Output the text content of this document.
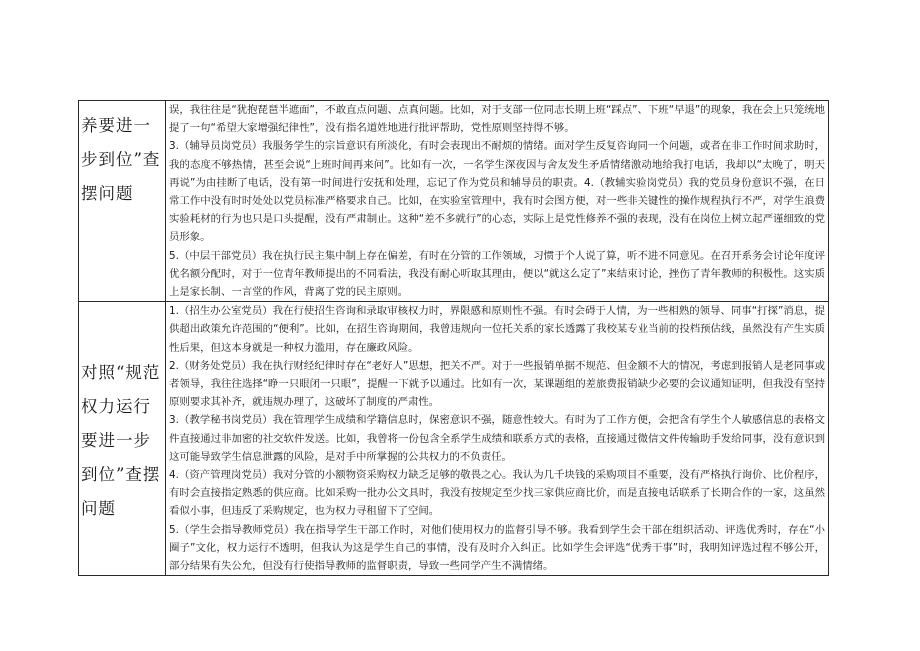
养要进一步到位”查摆问题	误，我往往是“犹抱琵琶半遮面”，不敢直点问题、点真问题。比如，对于支部一位同志长期上班“踩点”、下班“早退”的现象，我在会上只笼统地提了一句“希望大家增强纪律性”，没有指名道姓地进行批评帮助，党性原则坚持得不够。

3.（辅导员岗党员）我服务学生的宗旨意识有所淡化，有时会表现出不耐烦的情绪。面对学生反复咨询同一个问题，或者在非工作时间求助时，我的态度不够热情，甚至会说“上班时间再来问”。比如有一次，一名学生深夜因与舍友发生矛盾情绪激动地给我打电话，我却以“太晚了，明天再说”为由挂断了电话，没有第一时间进行安抚和处理，忘记了作为党员和辅导员的职责。4.（教辅实验岗党员）我的党员身份意识不强，在日常工作中没有时时处处以党员标准严格要求自己。比如，在实验室管理中，我有时会图方便，对一些非关键性的操作规程执行不严，对学生浪费实验耗材的行为也只是口头提醒，没有严肃制止。这种“差不多就行”的心态，实际上是党性修养不强的表现，没有在岗位上树立起严谨细致的党员形象。

5.（中层干部党员）我在执行民主集中制上存在偏差，有时在分管的工作领域，习惯于个人说了算，听不进不同意见。在召开系务会讨论年度评优名额分配时，对于一位青年教师提出的不同看法，我没有耐心听取其理由，便以“就这么定了”来结束讨论，挫伤了青年教师的积极性。这实质上是家长制、一言堂的作风，背离了党的民主原则。

对照“规范权力运行要进一步到位”查摆问题	1.（招生办公室党员）我在行使招生咨询和录取审核权力时，界限感和原则性不强。有时会碍于人情，为一些相熟的领导、同事“打探”消息，提供超出政策允许范围的“便利”。比如，在招生咨询期间，我曾违规向一位托关系的家长透露了我校某专业当前的投档预估线，虽然没有产生实质性后果，但这本身就是一种权力滥用，存在廉政风险。

2.（财务处党员）我在执行财经纪律时存在“老好人”思想，把关不严。对于一些报销单据不规范、但金额不大的情况，考虑到报销人是老同事或者领导，我往往选择“睁一只眼闭一只眼”，提醒一下就予以通过。比如有一次，某课题组的差旅费报销缺少必要的会议通知证明，但我没有坚持原则要求其补齐，就违规办理了，这破坏了制度的严肃性。

3.（教学秘书岗党员）我在管理学生成绩和学籍信息时，保密意识不强，随意性较大。有时为了工作方便，会把含有学生个人敏感信息的表格文件直接通过非加密的社交软件发送。比如，我曾将一份包含全系学生成绩和联系方式的表格，直接通过微信文件传输助手发给同事，没有意识到这可能导致学生信息泄露的风险，是对手中所掌握的公共权力的不负责任。

4.（资产管理岗党员）我对分管的小额物资采购权力缺乏足够的敬畏之心。我认为几千块钱的采购项目不重要，没有严格执行询价、比价程序，有时会直接指定熟悉的供应商。比如采购一批办公文具时，我没有按规定至少找三家供应商比价，而是直接电话联系了长期合作的一家，这虽然看似小事，但违反了采购规定，也为权力寻租留下了空间。

5.（学生会指导教师党员）我在指导学生干部工作时，对他们使用权力的监督引导不够。我看到学生会干部在组织活动、评选优秀时，存在“小圈子”文化，权力运行不透明，但我认为这是学生自己的事情，没有及时介入纠正。比如学生会评选“优秀干事”时，我明知评选过程不够公开，部分结果有失公允，但没有行使指导教师的监督职责，导致一些同学产生不满情绪。
